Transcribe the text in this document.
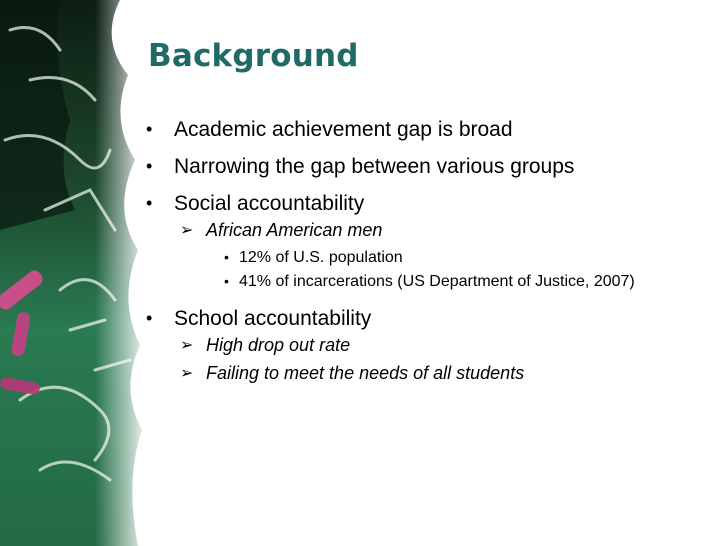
Background
• Academic achievement gap is broad
• Narrowing the gap between various groups
• Social accountability
➢ African American men
• 12% of U.S. population
• 41% of incarcerations (US Department of Justice, 2007)
• School accountability
➢ High drop out rate
➢ Failing to meet the needs of all students
